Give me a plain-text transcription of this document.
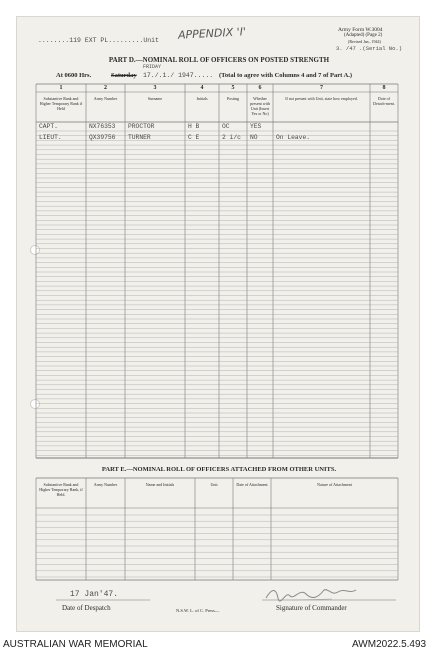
........119 EXT PL.........Unit APPENDIX 'I'	Army Form W.3004
(Adapted) (Page 2)
(Revised Jan., 1944)
3. /47 .(Serial No.)
PART D.—NOMINAL ROLL OF OFFICERS ON POSTED STRENGTH
FRIDAY
At 0600 Hrs.	Saturday 17./.1./ 1947..... (Total to agree with Columns 4 and 7 of Part A.)
1	2	3	4	5	6	7	8
Substantive Rank and Higher Temporary Rank if Held
Army Number	Surname	Initials	Posting	Whether present with Unit (Insert Yes or No)
If not present with Unit, state how employed.	Date of Detach-ment.
CAPT.	NX76353 PROCTOR	H B	OC	YES
LIEUT.	QX39756 TURNER	C E	2 i/c NO	On Leave.
PART E.—NOMINAL ROLL OF OFFICERS ATTACHED FROM OTHER UNITS.
Substantive Rank and Higher Temporary Rank, if Held.
Army Number	Name and Initials	Unit	Date of Attachment	Nature of Attachment
17 Jan'47.
Date of Despatch	N.S.W. L. of C. Press—	Signature of Commander
AUSTRALIAN WAR MEMORIAL	AWM2022.5.493
